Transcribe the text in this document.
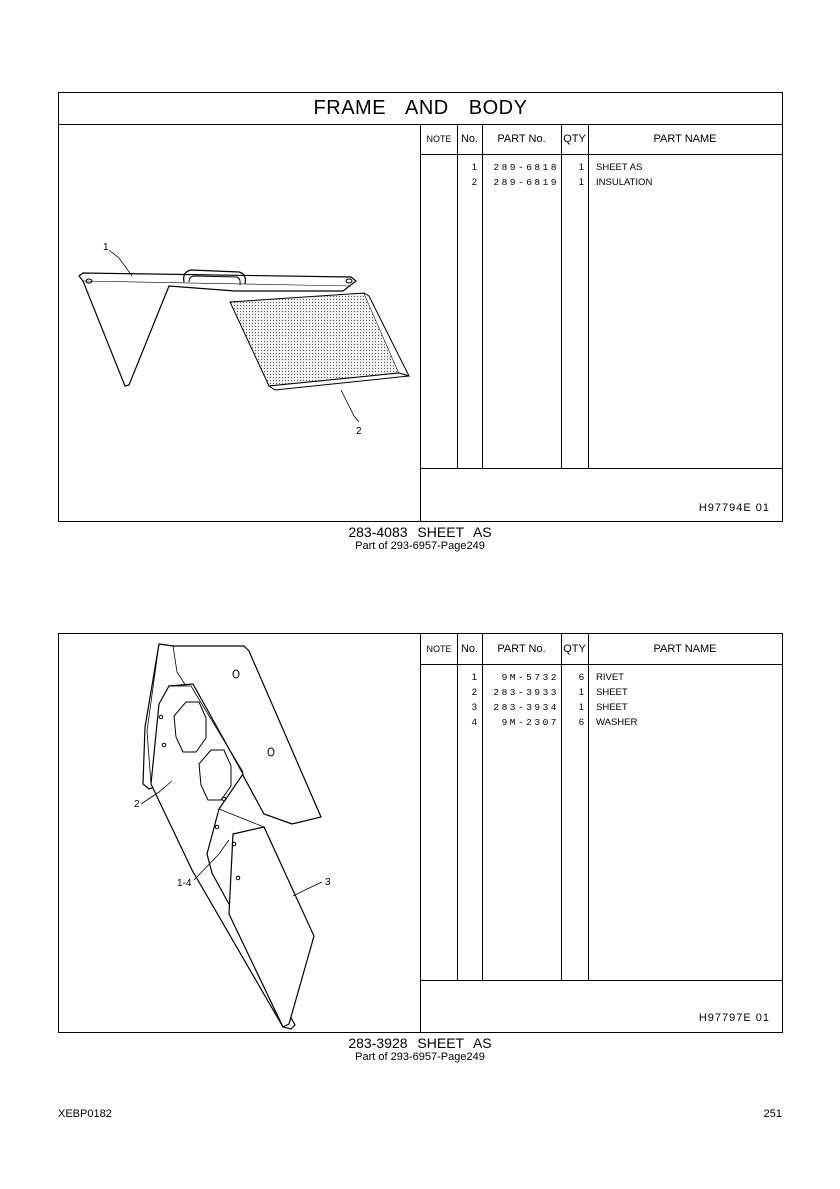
FRAME AND BODY
1
2
NOTE No.	PART No.	QTY	PART NAME
1	289-6818	1 SHEET AS
2	289-6819	1 INSULATION
H97794E 01
283-4083 SHEET AS
Part of 293-6957-Page249
2
1-4	3
NOTE No.	PART No.	QTY	PART NAME
1	9M-5732	6 RIVET
2	283-3933	1 SHEET
3	283-3934	1 SHEET
4	9M-2307	6 WASHER
H97797E 01
283-3928 SHEET AS
Part of 293-6957-Page249
XEBP0182	251
